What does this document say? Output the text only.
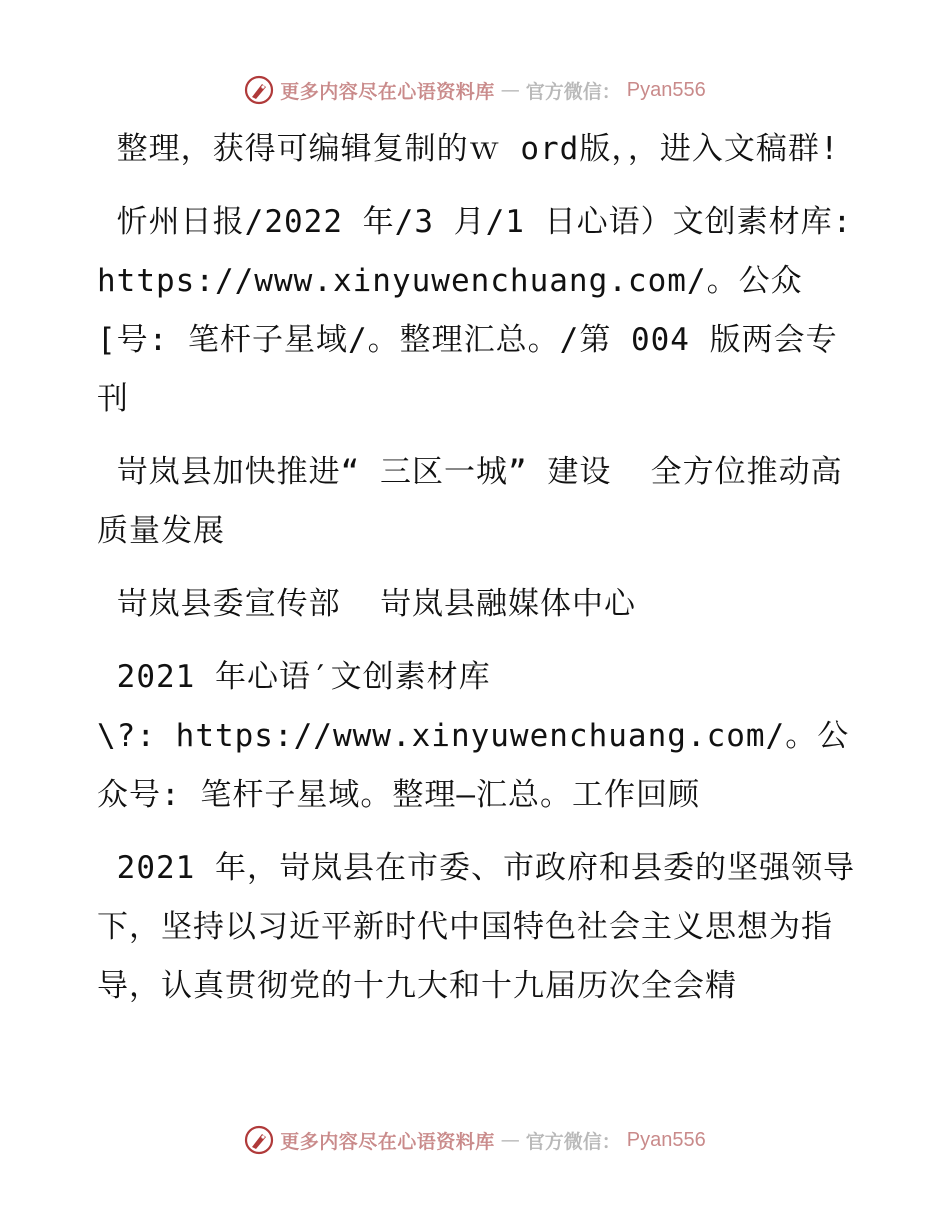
更多内容尽在心语资料库 — 官方微信： Pyan556

整理，获得可编辑复制的ｗ ord版，，进入文稿群!

忻州日报/2022 年/3 月/1 日心语）文创素材库: https://www.xinyuwenchuang.com/。公众[号: 笔杆子星域/。整理汇总。/第 004 版两会专刊

岢岚县加快推进“ 三区一城” 建设  全方位推动高质量发展

岢岚县委宣传部  岢岚县融媒体中心

2021 年心语′文创素材库
\?: https://www.xinyuwenchuang.com/。公众号: 笔杆子星域。整理—汇总。工作回顾

2021 年，岢岚县在市委、市政府和县委的坚强领导下，坚持以习近平新时代中国特色社会主义思想为指导，认真贯彻党的十九大和十九届历次全会精

更多内容尽在心语资料库 — 官方微信： Pyan556
